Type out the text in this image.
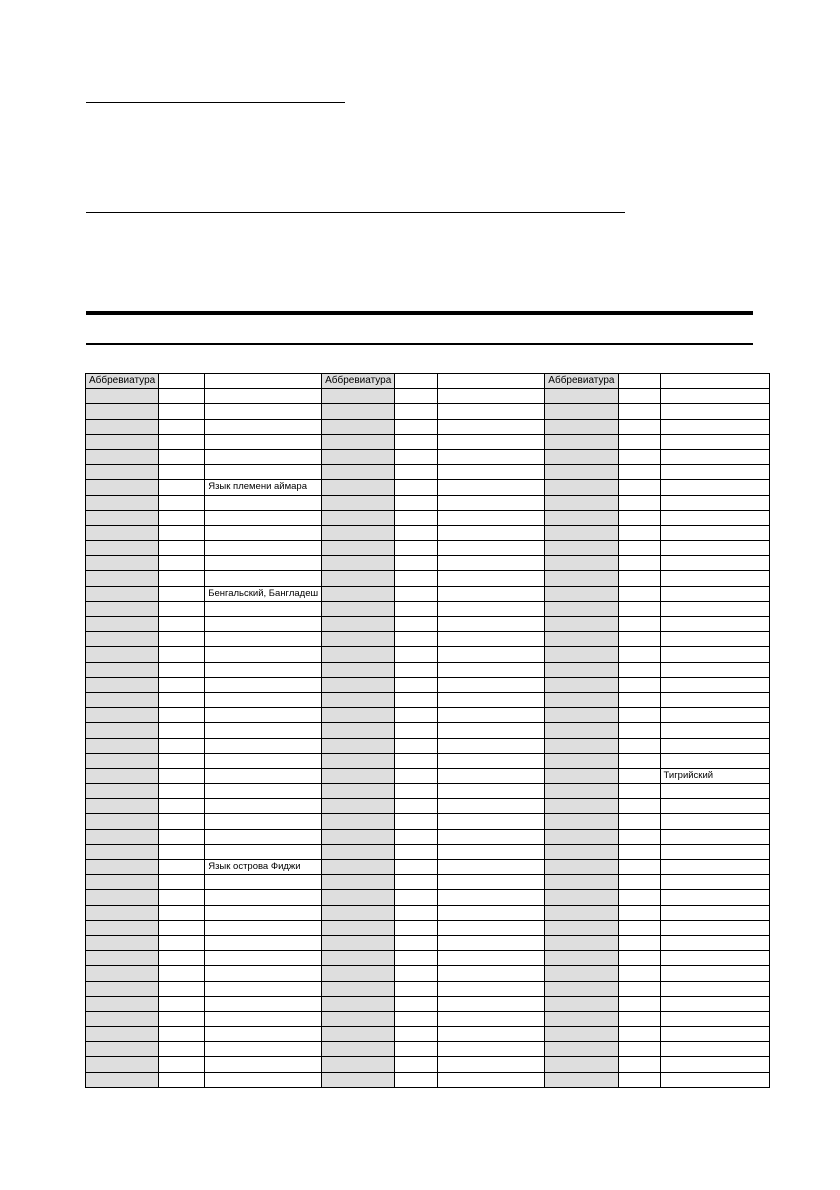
Аббревиатура			Аббревиатура			Аббревиатура		

		Язык племени аймара						

		Бенгальский, Бангладеш						

								Тигрийский

		Язык острова Фиджи						
